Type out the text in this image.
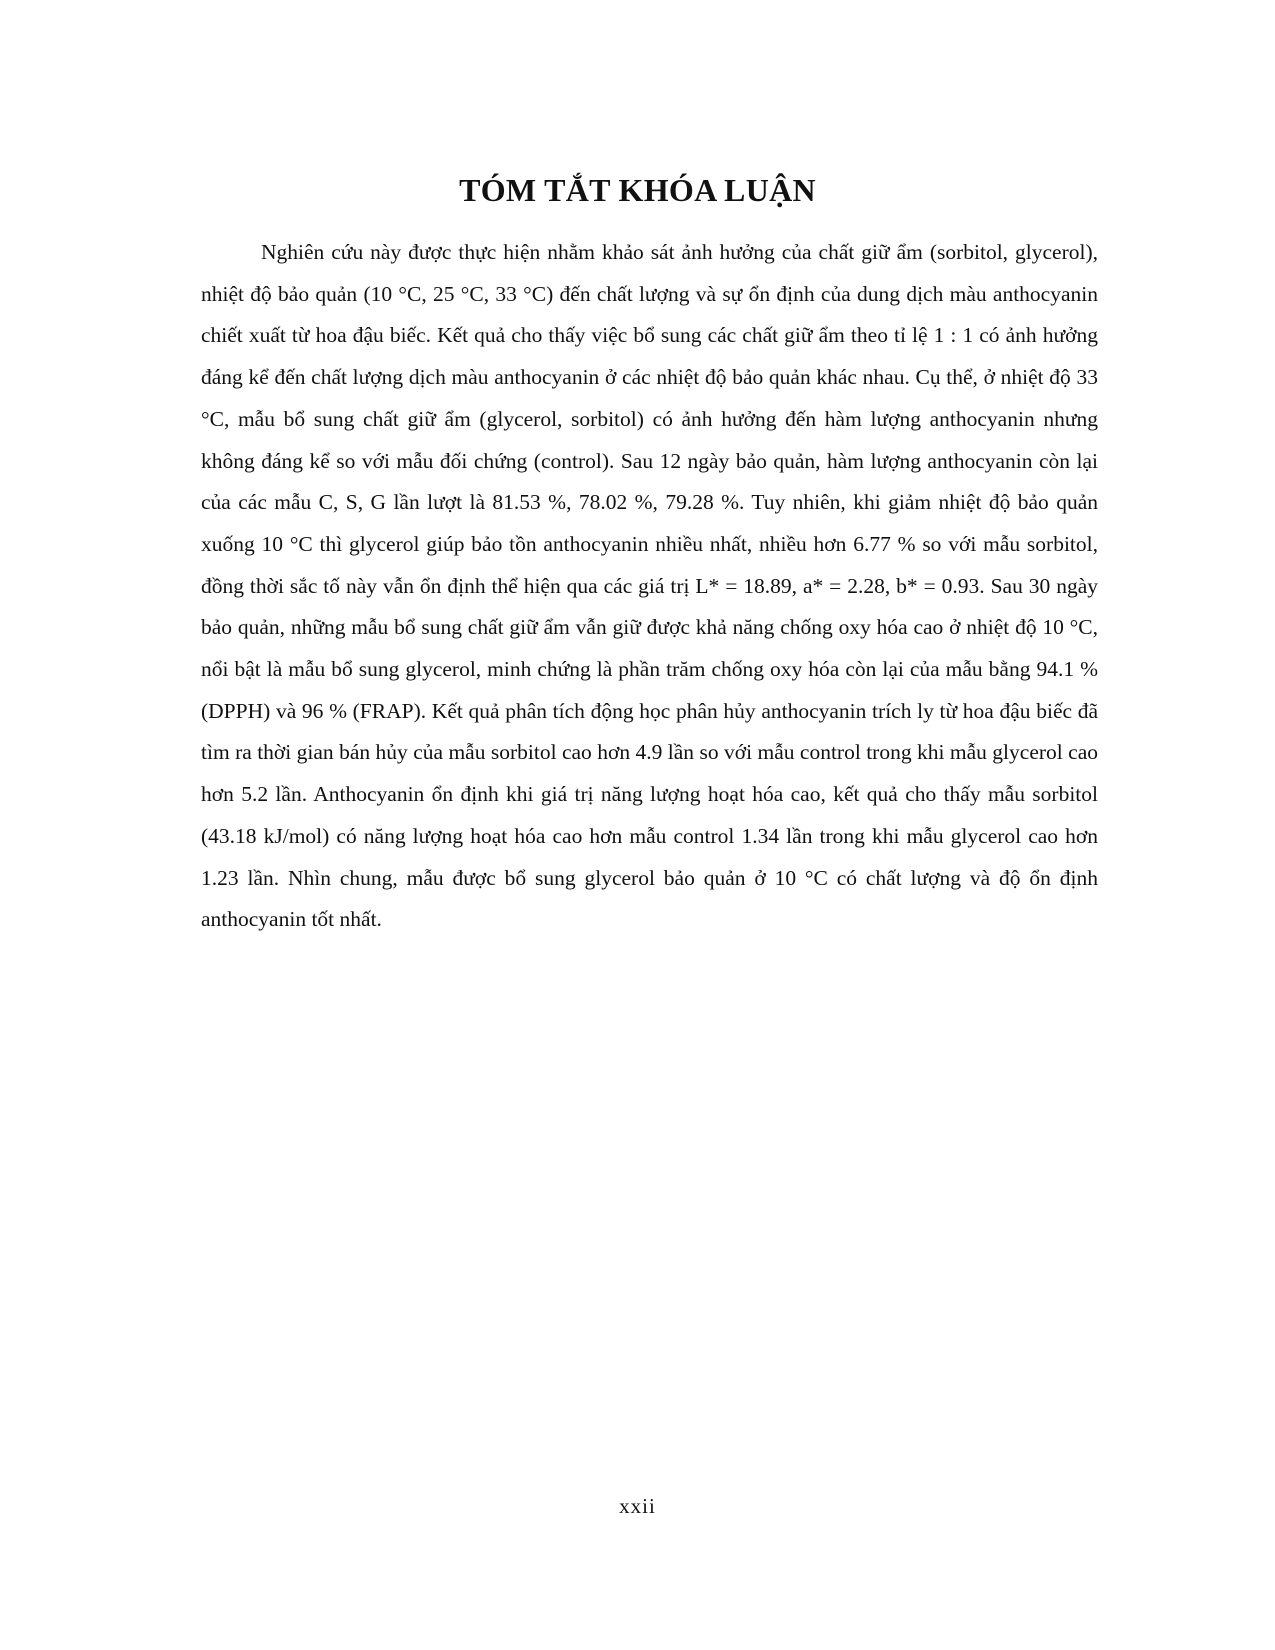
TÓM TẮT KHÓA LUẬN

Nghiên cứu này được thực hiện nhằm khảo sát ảnh hưởng của chất giữ ẩm (sorbitol, glycerol), nhiệt độ bảo quản (10 °C, 25 °C, 33 °C) đến chất lượng và sự ổn định của dung dịch màu anthocyanin chiết xuất từ hoa đậu biếc. Kết quả cho thấy việc bổ sung các chất giữ ẩm theo tỉ lệ 1 : 1 có ảnh hưởng đáng kể đến chất lượng dịch màu anthocyanin ở các nhiệt độ bảo quản khác nhau. Cụ thể, ở nhiệt độ 33 °C, mẫu bổ sung chất giữ ẩm (glycerol, sorbitol) có ảnh hưởng đến hàm lượng anthocyanin nhưng không đáng kể so với mẫu đối chứng (control). Sau 12 ngày bảo quản, hàm lượng anthocyanin còn lại của các mẫu C, S, G lần lượt là 81.53 %, 78.02 %, 79.28 %. Tuy nhiên, khi giảm nhiệt độ bảo quản xuống 10 °C thì glycerol giúp bảo tồn anthocyanin nhiều nhất, nhiều hơn 6.77 % so với mẫu sorbitol, đồng thời sắc tố này vẫn ổn định thể hiện qua các giá trị L* = 18.89, a* = 2.28, b* = 0.93. Sau 30 ngày bảo quản, những mẫu bổ sung chất giữ ẩm vẫn giữ được khả năng chống oxy hóa cao ở nhiệt độ 10 °C, nổi bật là mẫu bổ sung glycerol, minh chứng là phần trăm chống oxy hóa còn lại của mẫu bằng 94.1 % (DPPH) và 96 % (FRAP). Kết quả phân tích động học phân hủy anthocyanin trích ly từ hoa đậu biếc đã tìm ra thời gian bán hủy của mẫu sorbitol cao hơn 4.9 lần so với mẫu control trong khi mẫu glycerol cao hơn 5.2 lần. Anthocyanin ổn định khi giá trị năng lượng hoạt hóa cao, kết quả cho thấy mẫu sorbitol (43.18 kJ/mol) có năng lượng hoạt hóa cao hơn mẫu control 1.34 lần trong khi mẫu glycerol cao hơn 1.23 lần. Nhìn chung, mẫu được bổ sung glycerol bảo quản ở 10 °C có chất lượng và độ ổn định anthocyanin tốt nhất.

xxii
